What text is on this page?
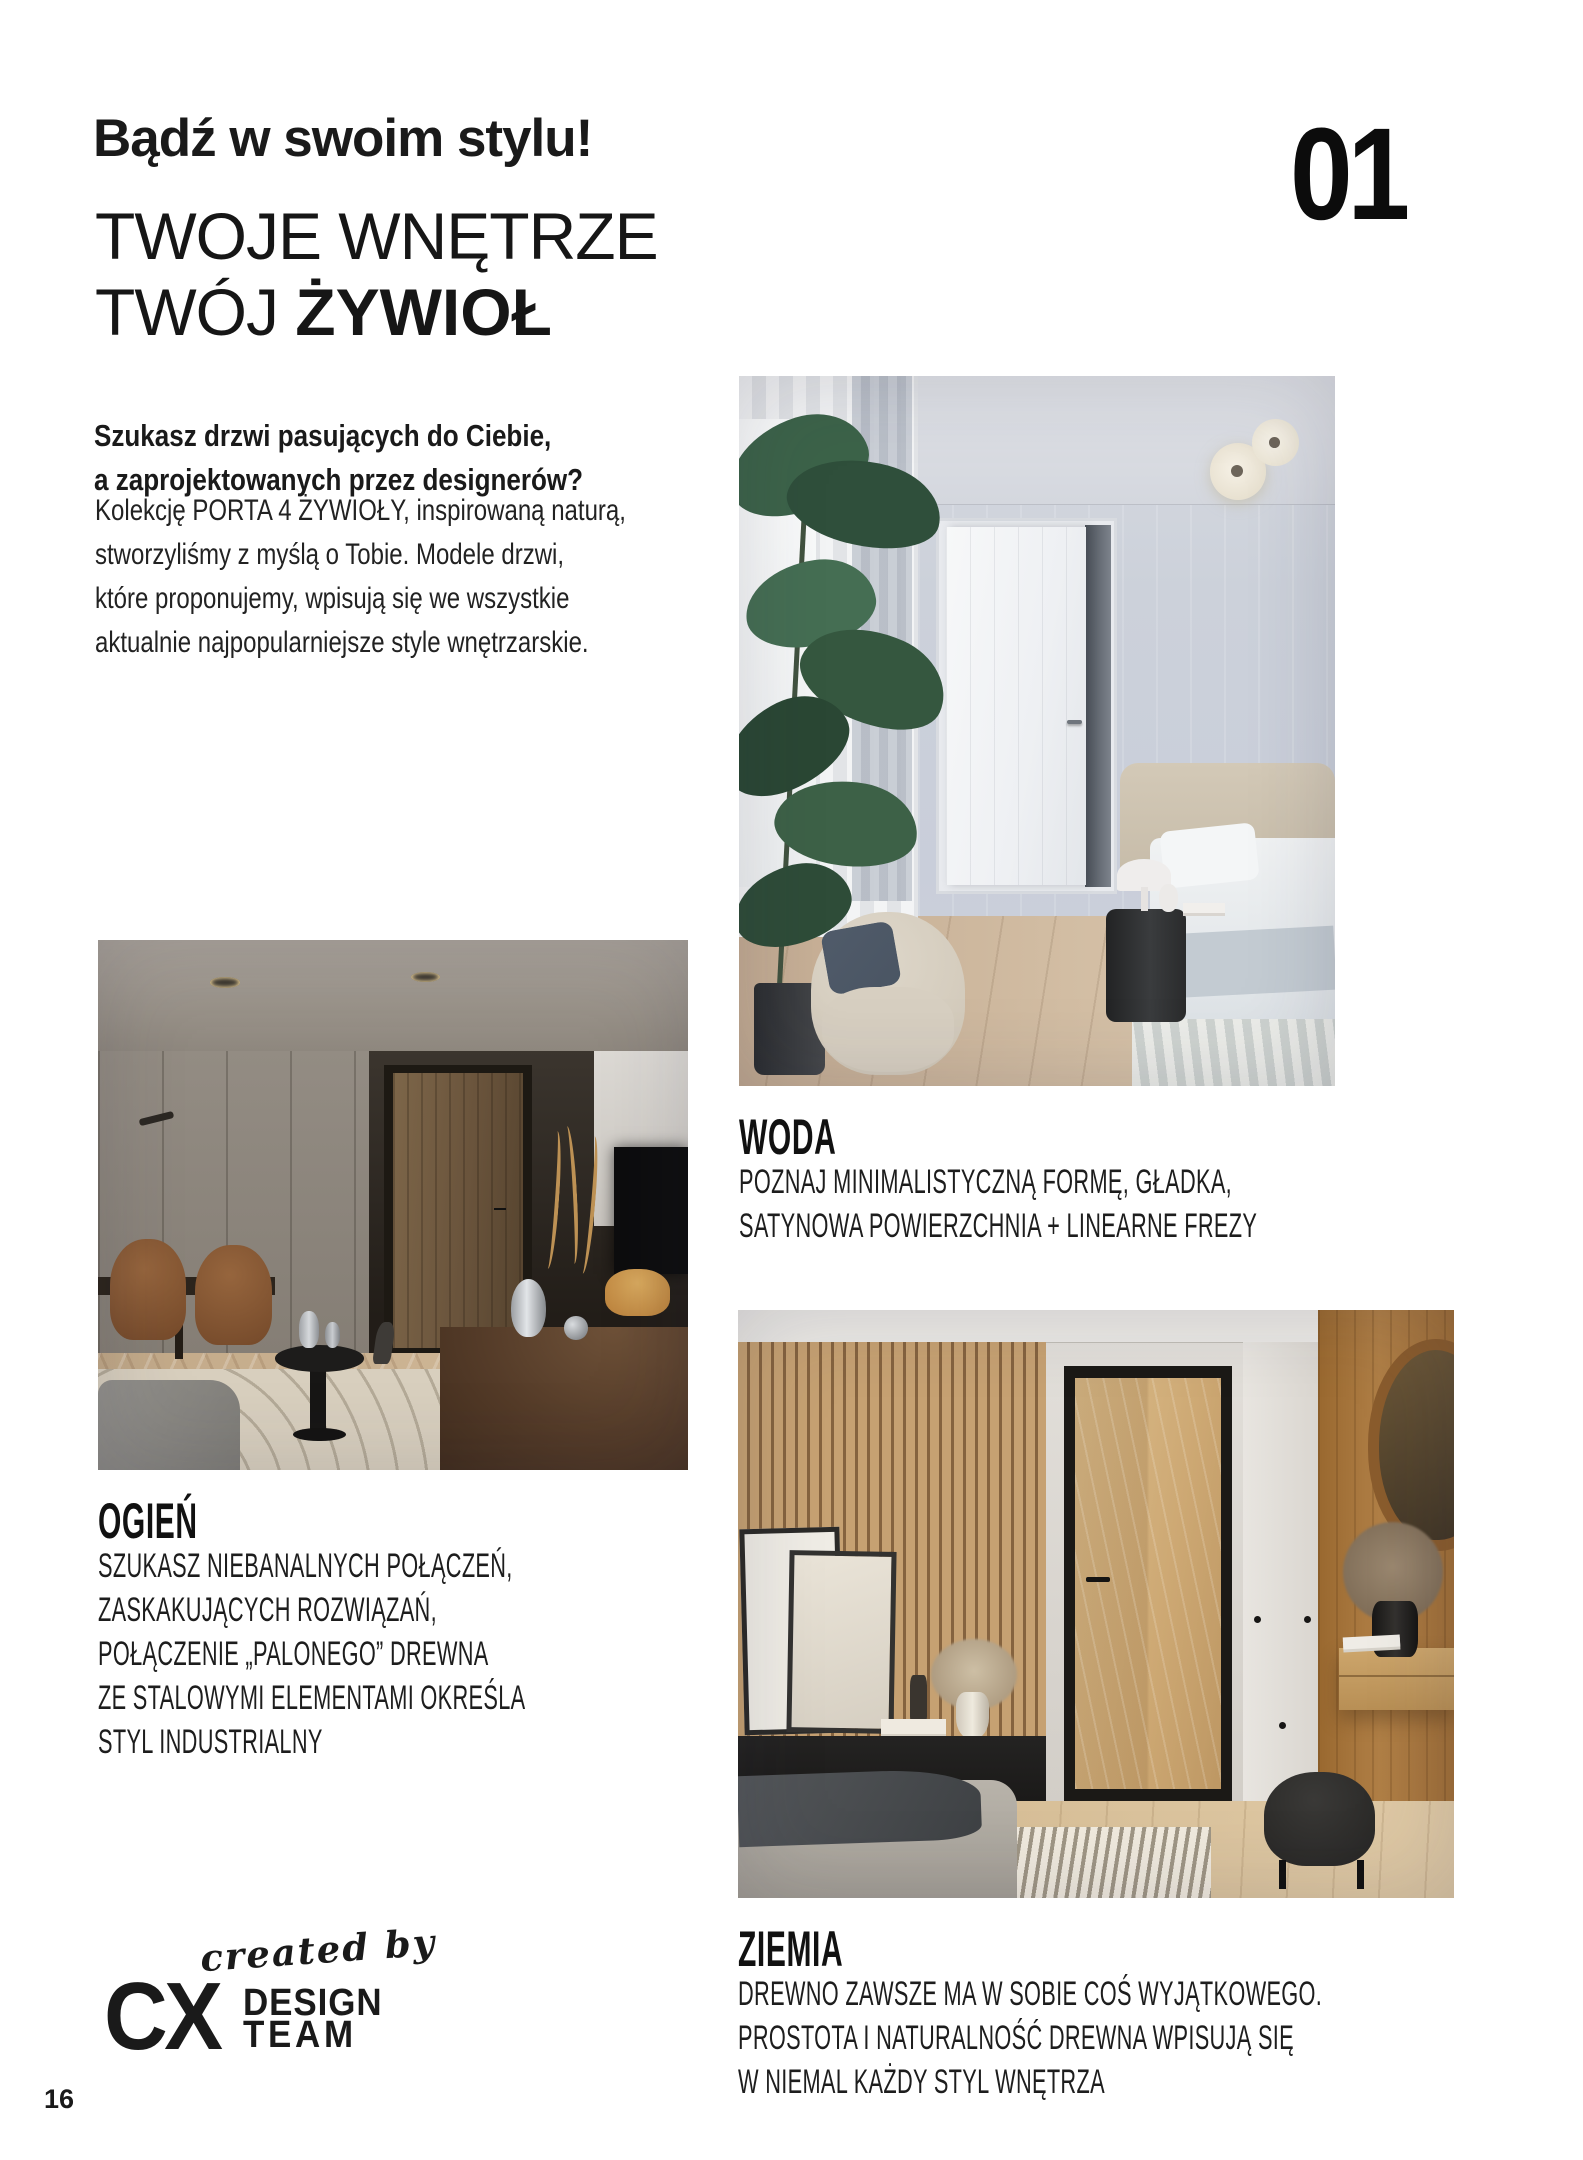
Bądź w swoim stylu!
TWOJE WNĘTRZE
TWÓJ ŻYWIOŁ
01
Szukasz drzwi pasujących do Ciebie,
a zaprojektowanych przez designerów?
Kolekcję PORTA 4 ŻYWIOŁY, inspirowaną naturą,
stworzyliśmy z myślą o Tobie. Modele drzwi,
które proponujemy, wpisują się we wszystkie
aktualnie najpopularniejsze style wnętrzarskie.
WODA
POZNAJ MINIMALISTYCZNĄ FORMĘ, GŁADKA,
SATYNOWA POWIERZCHNIA + LINEARNE FREZY
OGIEŃ
SZUKASZ NIEBANALNYCH POŁĄCZEŃ,
ZASKAKUJĄCYCH ROZWIĄZAŃ,
POŁĄCZENIE „PALONEGO” DREWNA
ZE STALOWYMI ELEMENTAMI OKREŚLA
STYL INDUSTRIALNY
ZIEMIA
DREWNO ZAWSZE MA W SOBIE COŚ WYJĄTKOWEGO.
PROSTOTA I NATURALNOŚĆ DREWNA WPISUJĄ SIĘ
W NIEMAL KAŻDY STYL WNĘTRZA
created by
CX DESIGN
TEAM
16
